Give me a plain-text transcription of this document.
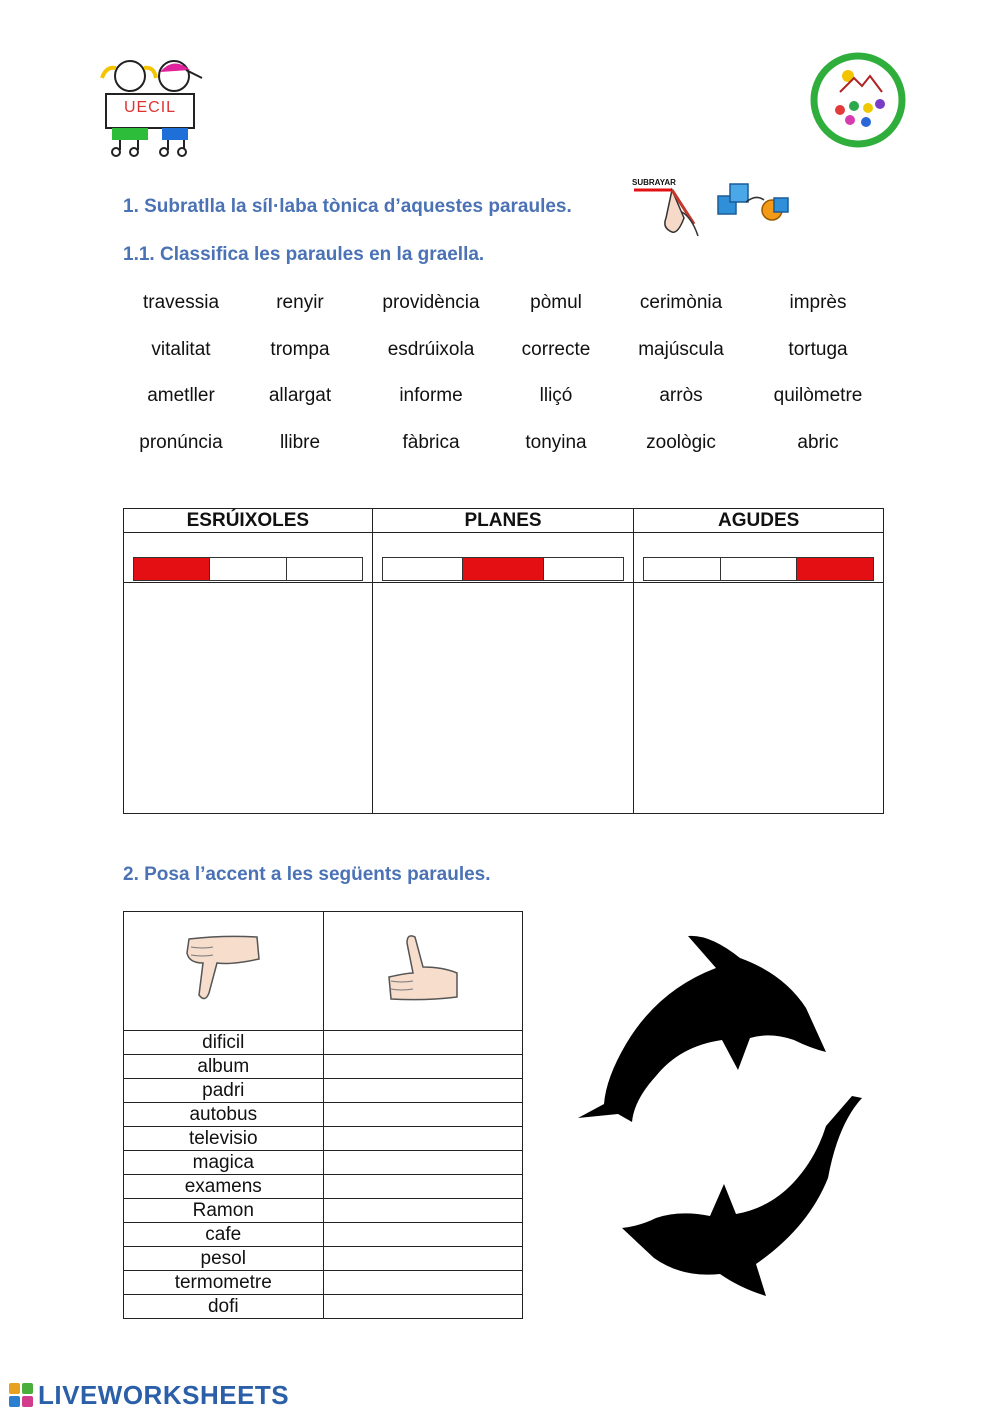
UECIL
1. Subratlla la síl·laba tònica d’aquestes paraules.
SUBRAYAR
1.1. Classifica les paraules en la graella.
travessia	renyir	providència	pòmul	cerimònia	imprès
vitalitat	trompa	esdrúixola	correcte	majúscula	tortuga
ametller	allargat	informe	lliçó	arròs	quilòmetre
pronúncia	llibre	fàbrica	tonyina	zoològic	abric
ESRÚIXOLES	PLANES	AGUDES

2. Posa l’accent a les següents paraules.

dificil	
album	
padri	
autobus	
televisio	
magica	
examens	
Ramon	
cafe	
pesol	
termometre	
dofi	
LIVEWORKSHEETS
